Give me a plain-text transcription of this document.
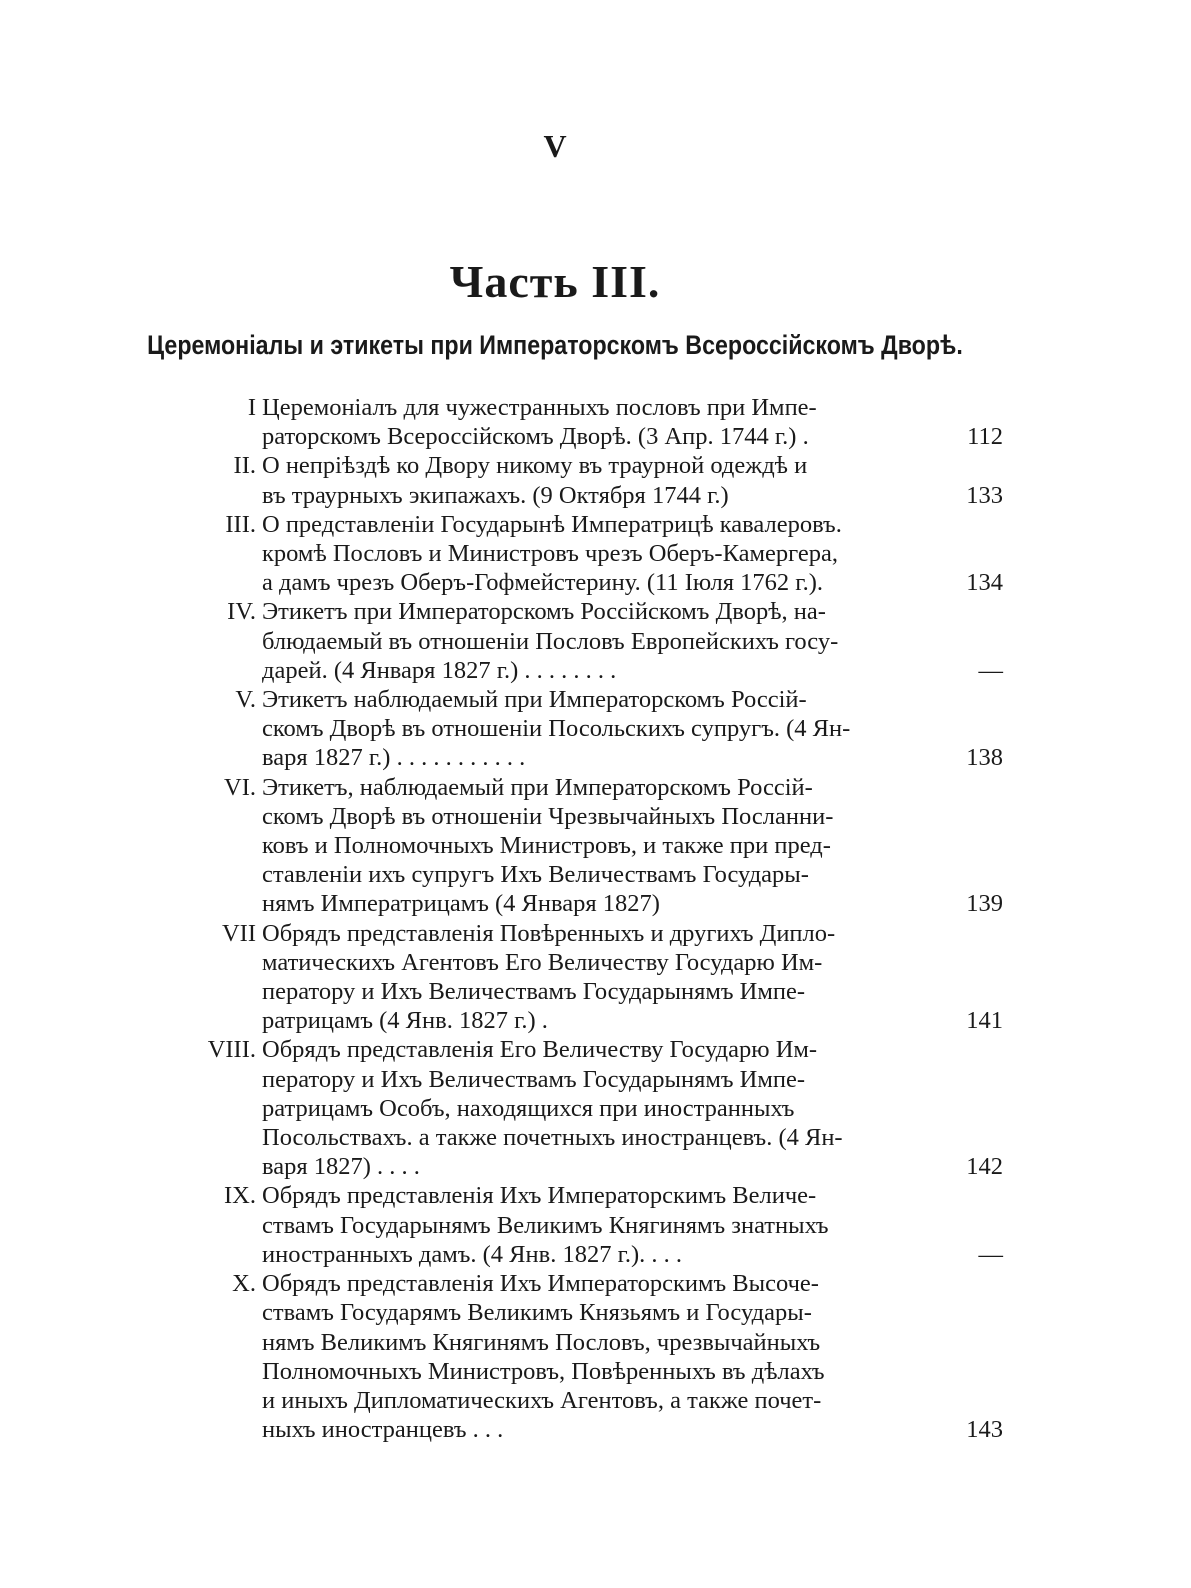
V
Часть III.
Церемоніалы и этикеты при Императорскомъ Всероссійскомъ Дворѣ.
I Церемоніалъ для чужестранныхъ пословъ при Импе-
раторскомъ Всероссійскомъ Дворѣ. (3 Апр. 1744 г.) .	112
II. О непріѣздѣ ко Двору никому въ траурной одеждѣ и
въ траурныхъ экипажахъ. (9 Октября 1744 г.)	133
III. О представленіи Государынѣ Императрицѣ кавалеровъ.
кромѣ Пословъ и Министровъ чрезъ Оберъ-Камергера,
а дамъ чрезъ Оберъ-Гофмейстерину. (11 Іюля 1762 г.).	134
IV. Этикетъ при Императорскомъ Россійскомъ Дворѣ, на-
блюдаемый въ отношеніи Пословъ Европейскихъ госу-
дарей. (4 Января 1827 г.) . . . . . . . .	—
V. Этикетъ наблюдаемый при Императорскомъ Россій-
скомъ Дворѣ въ отношеніи Посольскихъ супругъ. (4 Ян-
варя 1827 г.) . . . . . . . . . . .	138
VI. Этикетъ, наблюдаемый при Императорскомъ Россій-
скомъ Дворѣ въ отношеніи Чрезвычайныхъ Посланни-
ковъ и Полномочныхъ Министровъ, и также при пред-
ставленіи ихъ супругъ Ихъ Величествамъ Государы-
нямъ Императрицамъ (4 Января 1827)	139
VII Обрядъ представленія Повѣренныхъ и другихъ Дипло-
матическихъ Агентовъ Его Величеству Государю Им-
ператору и Ихъ Величествамъ Государынямъ Импе-
ратрицамъ (4 Янв. 1827 г.) .	141
VIII. Обрядъ представленія Его Величеству Государю Им-
ператору и Ихъ Величествамъ Государынямъ Импе-
ратрицамъ Особъ, находящихся при иностранныхъ
Посольствахъ. а также почетныхъ иностранцевъ. (4 Ян-
варя 1827) . . . .	142
IX. Обрядъ представленія Ихъ Императорскимъ Величе-
ствамъ Государынямъ Великимъ Княгинямъ знатныхъ
иностранныхъ дамъ. (4 Янв. 1827 г.). . . .	—
X. Обрядъ представленія Ихъ Императорскимъ Высоче-
ствамъ Государямъ Великимъ Князьямъ и Государы-
нямъ Великимъ Княгинямъ Пословъ, чрезвычайныхъ
Полномочныхъ Министровъ, Повѣренныхъ въ дѣлахъ
и иныхъ Дипломатическихъ Агентовъ, а также почет-
ныхъ иностранцевъ . . .	143
